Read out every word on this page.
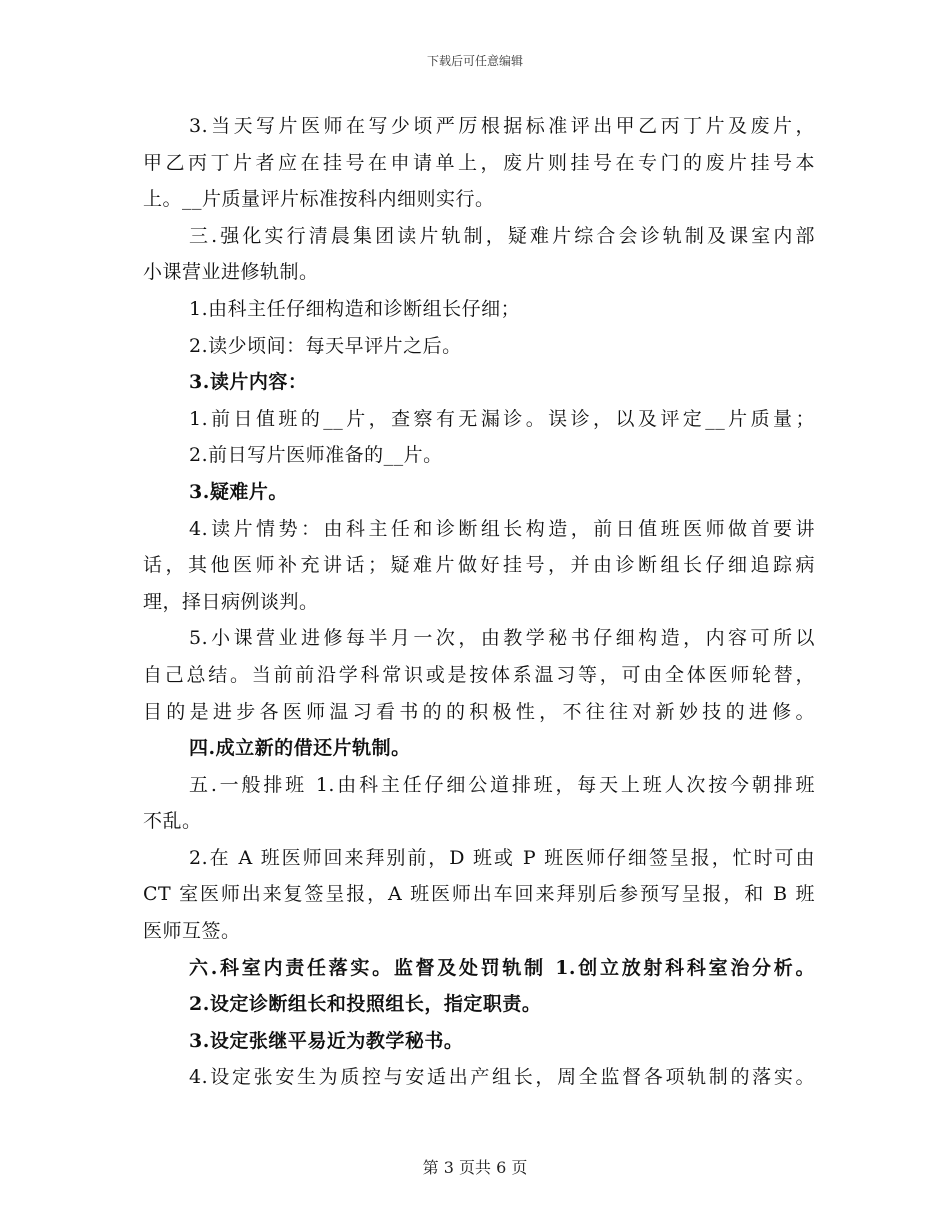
下载后可任意编辑
3.当天写片医师在写少顷严厉根据标准评出甲乙丙丁片及废片，
甲乙丙丁片者应在挂号在申请单上，废片则挂号在专门的废片挂号本
上。__片质量评片标准按科内细则实行。
三.强化实行清晨集团读片轨制，疑难片综合会诊轨制及课室内部
小课营业进修轨制。
1.由科主任仔细构造和诊断组长仔细；
2.读少顷间：每天早评片之后。
3.读片内容：
1.前日值班的__片，查察有无漏诊。误诊，以及评定__片质量；
2.前日写片医师准备的__片。
3.疑难片。
4.读片情势：由科主任和诊断组长构造，前日值班医师做首要讲
话，其他医师补充讲话；疑难片做好挂号，并由诊断组长仔细追踪病
理，择日病例谈判。
5.小课营业进修每半月一次，由教学秘书仔细构造，内容可所以
自己总结。当前前沿学科常识或是按体系温习等，可由全体医师轮替，
目的是进步各医师温习看书的的积极性，不往往对新妙技的进修。
四.成立新的借还片轨制。
五.一般排班 1.由科主任仔细公道排班，每天上班人次按今朝排班
不乱。
2.在 A 班医师回来拜别前，D 班或 P 班医师仔细签呈报，忙时可由
CT 室医师出来复签呈报，A 班医师出车回来拜别后参预写呈报，和 B 班
医师互签。
六.科室内责任落实。监督及处罚轨制 1.创立放射科科室治分析。
2.设定诊断组长和投照组长，指定职责。
3.设定张继平易近为教学秘书。
4.设定张安生为质控与安适出产组长，周全监督各项轨制的落实。
第 3 页共 6 页
